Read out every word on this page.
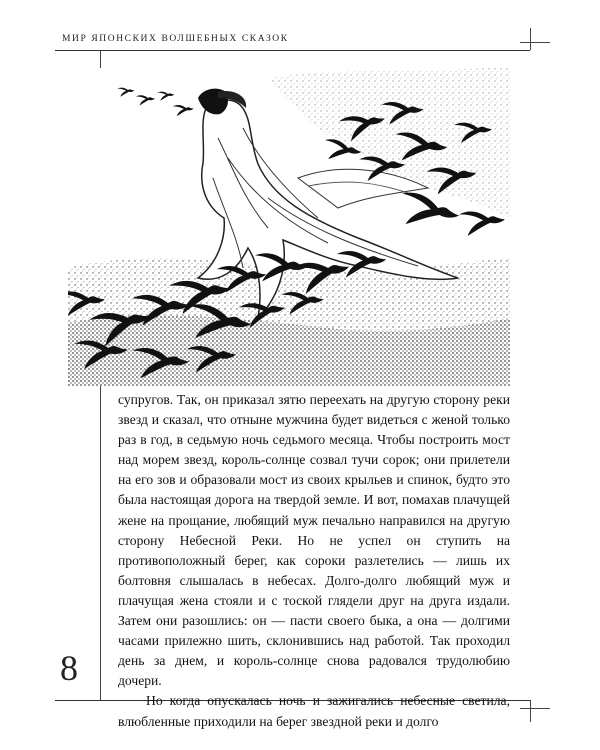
МИР ЯПОНСКИХ ВОЛШЕБНЫХ СКАЗОК

супругов. Так, он приказал зятю переехать на другую сторону реки звезд и сказал, что отныне мужчина будет видеться с женой только раз в год, в седьмую ночь седьмого месяца. Чтобы построить мост над морем звезд, король-солнце созвал тучи сорок; они прилетели на его зов и образовали мост из своих крыльев и спинок, будто это была настоящая дорога на твердой земле. И вот, помахав плачущей жене на прощание, любящий муж печально направился на другую сторону Небесной Реки. Но не успел он ступить на противоположный берег, как сороки разлетелись — лишь их болтовня слышалась в небесах. Долго-долго любящий муж и плачущая жена стояли и с тоской глядели друг на друга издали. Затем они разошлись: он — пасти своего быка, а она — долгими часами прилежно шить, склонившись над работой. Так проходил день за днем, и король-солнце снова радовался трудолюбию дочери.

Но когда опускалась ночь и зажигались небесные светила, влюбленные приходили на берег звездной реки и долго

8
